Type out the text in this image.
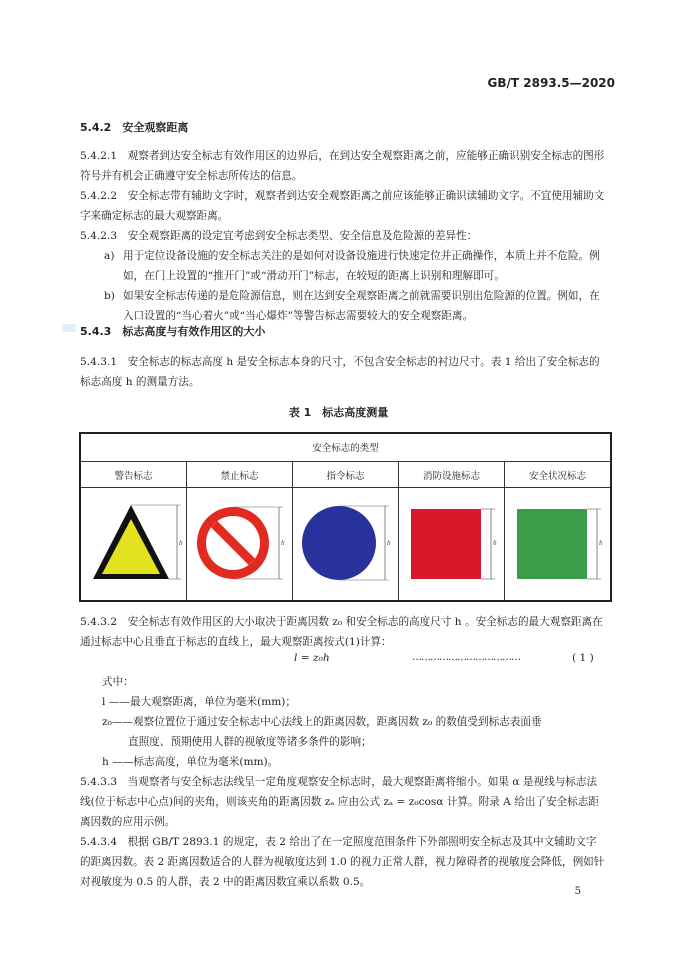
GB/T 2893.5—2020
5.4.2　安全观察距离
5.4.2.1　观察者到达安全标志有效作用区的边界后，在到达安全观察距离之前，应能够正确识别安全标志的图形符号并有机会正确遵守安全标志所传达的信息。
5.4.2.2　安全标志带有辅助文字时，观察者到达安全观察距离之前应该能够正确识读辅助文字。不宜使用辅助文字来确定标志的最大观察距离。
5.4.2.3　安全观察距离的设定宜考虑到安全标志类型、安全信息及危险源的差异性：
a) 用于定位设备设施的安全标志关注的是如何对设备设施进行快速定位并正确操作，本质上并不危险。例如，在门上设置的“推开门”或“滑动开门”标志，在较短的距离上识别和理解即可。
b) 如果安全标志传递的是危险源信息，则在达到安全观察距离之前就需要识别出危险源的位置。例如，在入口设置的“当心着火”或“当心爆炸”等警告标志需要较大的安全观察距离。
5.4.3　标志高度与有效作用区的大小
5.4.3.1　安全标志的标志高度 h 是安全标志本身的尺寸，不包含安全标志的衬边尺寸。表 1 给出了安全标志的标志高度 h 的测量方法。
表 1　标志高度测量
安全标志的类型				
警告标志	禁止标志	指令标志	消防设施标志	安全状况标志

h	h	h	h	h
5.4.3.2　安全标志有效作用区的大小取决于距离因数 z₀ 和安全标志的高度尺寸 h 。安全标志的最大观察距离在通过标志中心且垂直于标志的直线上，最大观察距离按式(1)计算：
l = z₀h	………………………………	( 1 )
式中：
l ——最大观察距离，单位为毫米(mm)；
z₀——观察位置位于通过安全标志中心法线上的距离因数，距离因数 z₀ 的数值受到标志表面垂
直照度、预期使用人群的视敏度等诸多条件的影响；
h ——标志高度，单位为毫米(mm)。
5.4.3.3　当观察者与安全标志法线呈一定角度观察安全标志时，最大观察距离将缩小。如果 α 是视线与标志法线(位于标志中心点)间的夹角，则该夹角的距离因数 zₐ 应由公式 zₐ = z₀cosα 计算。附录 A 给出了安全标志距离因数的应用示例。
5.4.3.4　根据 GB/T 2893.1 的规定，表 2 给出了在一定照度范围条件下外部照明安全标志及其中文辅助文字的距离因数。表 2 距离因数适合的人群为视敏度达到 1.0 的视力正常人群，视力障碍者的视敏度会降低，例如针对视敏度为 0.5 的人群，表 2 中的距离因数宜乘以系数 0.5。
5
